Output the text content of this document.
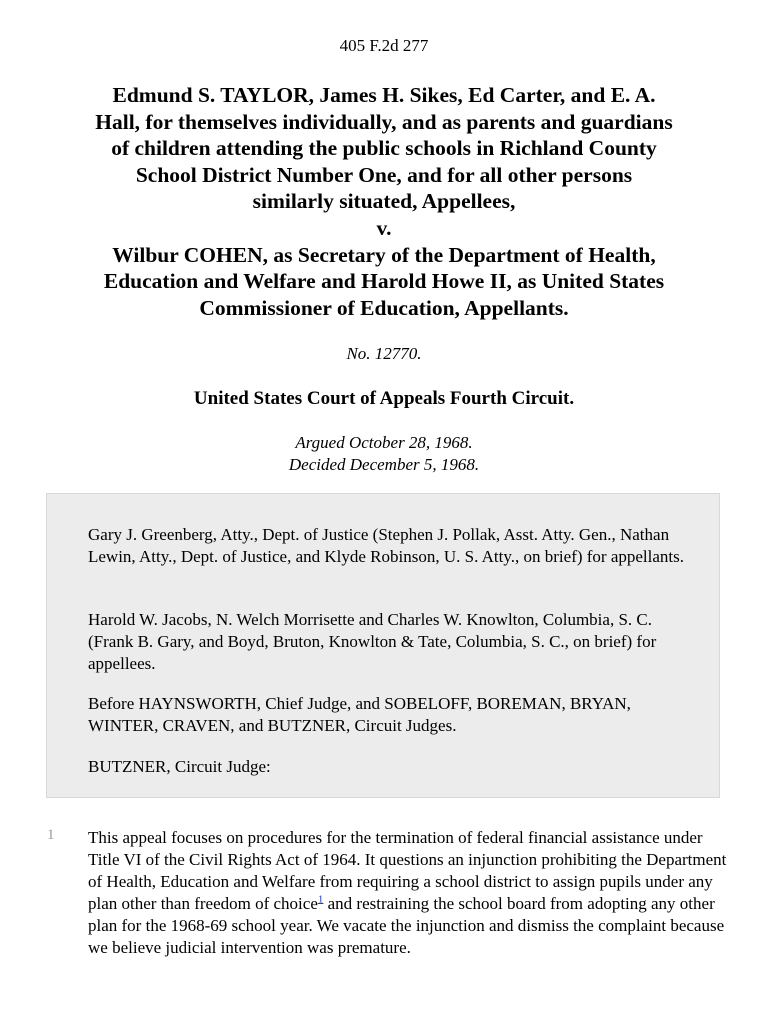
405 F.2d 277
Edmund S. TAYLOR, James H. Sikes, Ed Carter, and E. A.
Hall, for themselves individually, and as parents and guardians
of children attending the public schools in Richland County
School District Number One, and for all other persons
similarly situated, Appellees,
v.
Wilbur COHEN, as Secretary of the Department of Health,
Education and Welfare and Harold Howe II, as United States
Commissioner of Education, Appellants.
No. 12770.
United States Court of Appeals Fourth Circuit.
Argued October 28, 1968.
Decided December 5, 1968.

Gary J. Greenberg, Atty., Dept. of Justice (Stephen J. Pollak, Asst. Atty. Gen., Nathan Lewin, Atty., Dept. of Justice, and Klyde Robinson, U. S. Atty., on brief) for appellants.

Harold W. Jacobs, N. Welch Morrisette and Charles W. Knowlton, Columbia, S. C. (Frank B. Gary, and Boyd, Bruton, Knowlton & Tate, Columbia, S. C., on brief) for appellees.

Before HAYNSWORTH, Chief Judge, and SOBELOFF, BOREMAN, BRYAN, WINTER, CRAVEN, and BUTZNER, Circuit Judges.

BUTZNER, Circuit Judge:

1 This appeal focuses on procedures for the termination of federal financial assistance under Title VI of the Civil Rights Act of 1964. It questions an injunction prohibiting the Department of Health, Education and Welfare from requiring a school district to assign pupils under any plan other than freedom of choice$^1$ and restraining the school board from adopting any other plan for the 1968-69 school year. We vacate the injunction and dismiss the complaint because we believe judicial intervention was premature.
